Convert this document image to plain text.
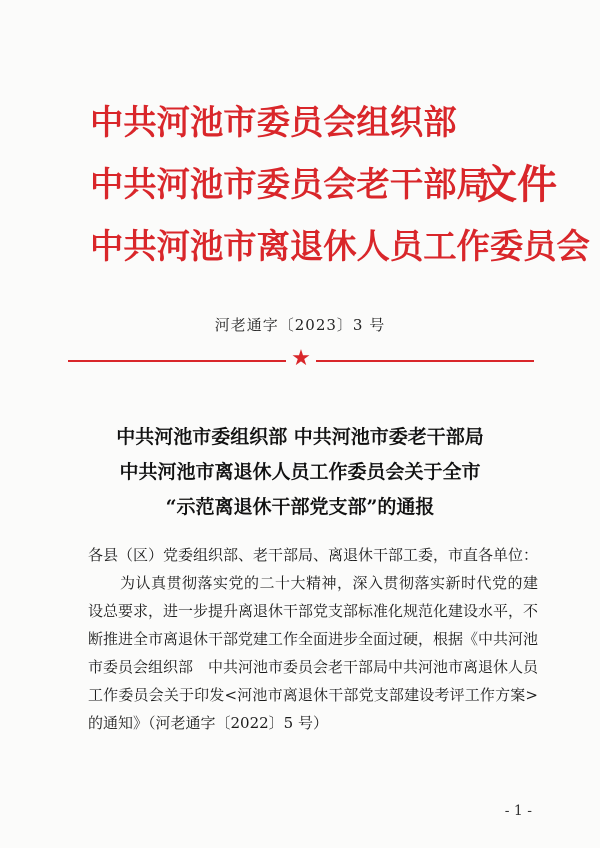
中共河池市委员会组织部
中共河池市委员会老干部局
中共河池市离退休人员工作委员会
文件
河老通字〔2023〕3 号
★
中共河池市委组织部 中共河池市委老干部局
中共河池市离退休人员工作委员会关于全市
“示范离退休干部党支部”的通报

各县（区）党委组织部、老干部局、离退休干部工委，市直各单位：

为认真贯彻落实党的二十大精神，深入贯彻落实新时代党的建设总要求，进一步提升离退休干部党支部标准化规范化建设水平，不断推进全市离退休干部党建工作全面进步全面过硬，根据《中共河池市委员会组织部　中共河池市委员会老干部局中共河池市离退休人员工作委员会关于印发<河池市离退休干部党支部建设考评工作方案>的通知》（河老通字〔2022〕5 号）

- 1 -
